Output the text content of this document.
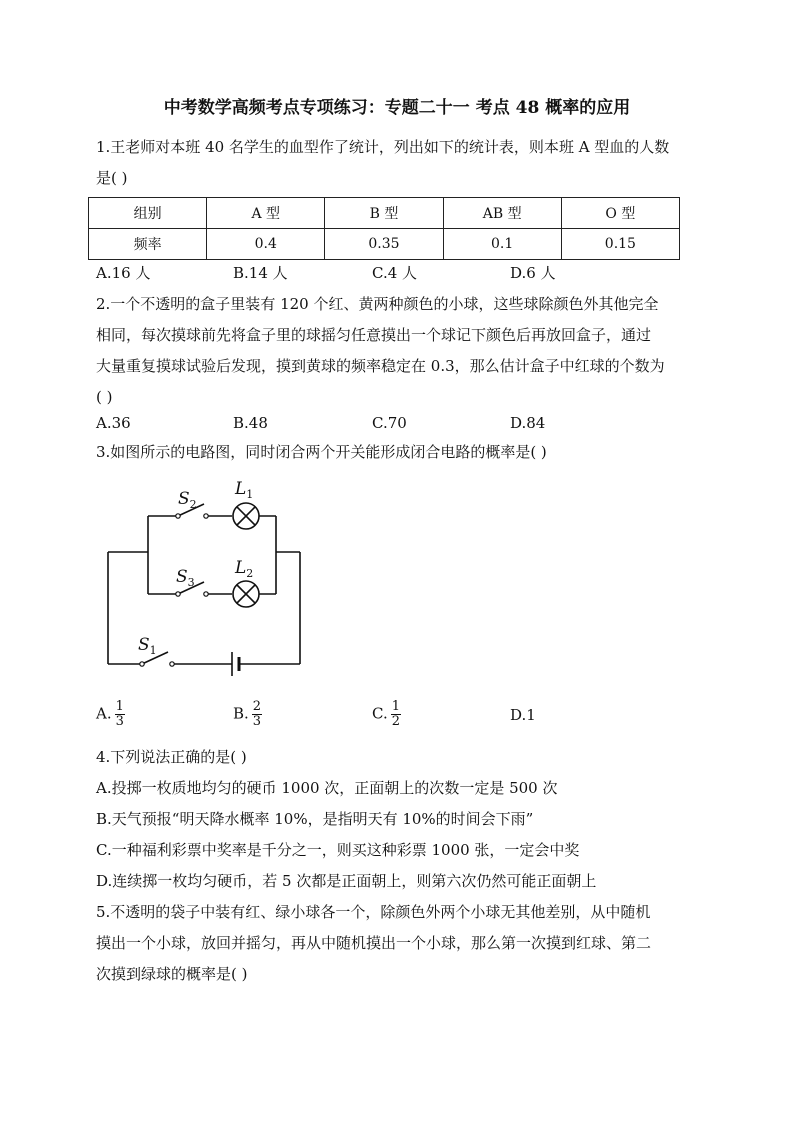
中考数学高频考点专项练习：专题二十一 考点 48 概率的应用
1.王老师对本班 40 名学生的血型作了统计，列出如下的统计表，则本班 A 型血的人数
是( )
组别	A 型	B 型	AB 型	O 型
频率	0.4	0.35	0.1	0.15
A.16 人	B.14 人	C.4 人	D.6 人
2.一个不透明的盒子里装有 120 个红、黄两种颜色的小球，这些球除颜色外其他完全
相同，每次摸球前先将盒子里的球摇匀任意摸出一个球记下颜色后再放回盒子，通过
大量重复摸球试验后发现，摸到黄球的频率稳定在 0.3，那么估计盒子中红球的个数为
( )
A.36	B.48	C.70	D.84
3.如图所示的电路图，同时闭合两个开关能形成闭合电路的概率是( )
$S_2$
$L_1$
$S_3$
$L_2$
$S_1$
A. $\frac{1}{3}$	B. $\frac{2}{3}$	C. $\frac{1}{2}$	D.1
4.下列说法正确的是( )
A.投掷一枚质地均匀的硬币 1000 次，正面朝上的次数一定是 500 次
B.天气预报“明天降水概率 10%，是指明天有 10%的时间会下雨”
C.一种福利彩票中奖率是千分之一，则买这种彩票 1000 张，一定会中奖
D.连续掷一枚均匀硬币，若 5 次都是正面朝上，则第六次仍然可能正面朝上
5.不透明的袋子中装有红、绿小球各一个，除颜色外两个小球无其他差别，从中随机
摸出一个小球，放回并摇匀，再从中随机摸出一个小球，那么第一次摸到红球、第二
次摸到绿球的概率是( )
